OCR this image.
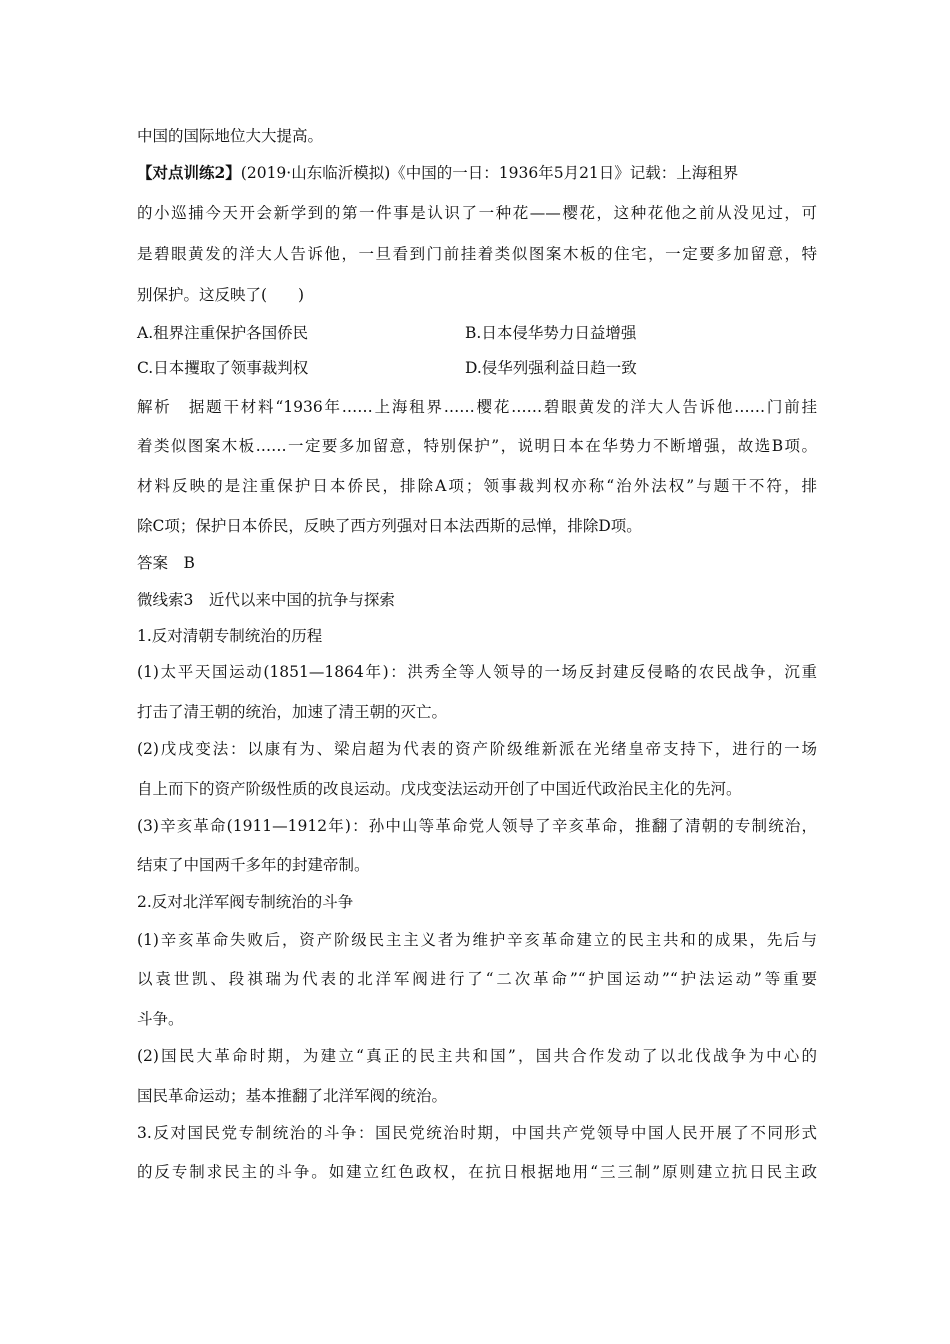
中国的国际地位大大提高。
【对点训练2】(2019·山东临沂模拟)《中国的一日：1936年5月21日》记载：上海租界
的小巡捕今天开会新学到的第一件事是认识了一种花——樱花，这种花他之前从没见过，可
是碧眼黄发的洋大人告诉他，一旦看到门前挂着类似图案木板的住宅，一定要多加留意，特
别保护。这反映了(　　)
A.租界注重保护各国侨民	B.日本侵华势力日益增强
C.日本攫取了领事裁判权	D.侵华列强利益日趋一致
解析　据题干材料“1936年……上海租界……樱花……碧眼黄发的洋大人告诉他……门前挂
着类似图案木板……一定要多加留意，特别保护”，说明日本在华势力不断增强，故选B项。
材料反映的是注重保护日本侨民，排除A项；领事裁判权亦称“治外法权”与题干不符，排
除C项；保护日本侨民，反映了西方列强对日本法西斯的忌惮，排除D项。
答案　B
微线索3　近代以来中国的抗争与探索
1.反对清朝专制统治的历程
(1)太平天国运动(1851—1864年)：洪秀全等人领导的一场反封建反侵略的农民战争，沉重
打击了清王朝的统治，加速了清王朝的灭亡。
(2)戊戌变法：以康有为、梁启超为代表的资产阶级维新派在光绪皇帝支持下，进行的一场
自上而下的资产阶级性质的改良运动。戊戌变法运动开创了中国近代政治民主化的先河。
(3)辛亥革命(1911—1912年)：孙中山等革命党人领导了辛亥革命，推翻了清朝的专制统治，
结束了中国两千多年的封建帝制。
2.反对北洋军阀专制统治的斗争
(1)辛亥革命失败后，资产阶级民主主义者为维护辛亥革命建立的民主共和的成果，先后与
以袁世凯、段祺瑞为代表的北洋军阀进行了“二次革命”“护国运动”“护法运动”等重要
斗争。
(2)国民大革命时期，为建立“真正的民主共和国”，国共合作发动了以北伐战争为中心的
国民革命运动；基本推翻了北洋军阀的统治。
3.反对国民党专制统治的斗争：国民党统治时期，中国共产党领导中国人民开展了不同形式
的反专制求民主的斗争。如建立红色政权，在抗日根据地用“三三制”原则建立抗日民主政
